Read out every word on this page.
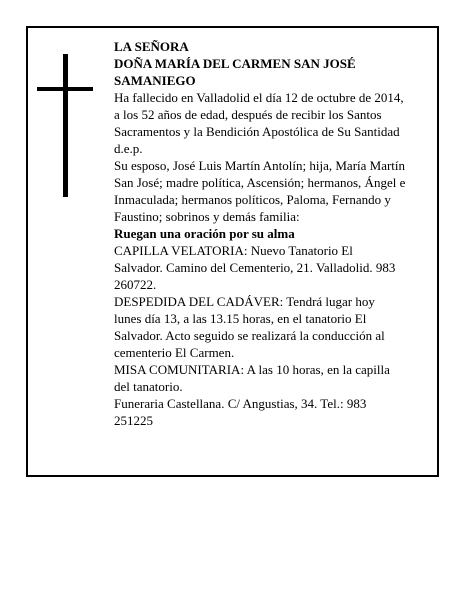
LA SEÑORA
DOÑA MARÍA DEL CARMEN SAN JOSÉ
SAMANIEGO
Ha fallecido en Valladolid el día 12 de octubre de 2014,
a los 52 años de edad, después de recibir los Santos
Sacramentos y la Bendición Apostólica de Su Santidad
d.e.p.
Su esposo, José Luis Martín Antolín; hija, María Martín
San José; madre política, Ascensión; hermanos, Ángel e
Inmaculada; hermanos políticos, Paloma, Fernando y
Faustino; sobrinos y demás familia:
Ruegan una oración por su alma
CAPILLA VELATORIA: Nuevo Tanatorio El
Salvador. Camino del Cementerio, 21. Valladolid. 983
260722.
DESPEDIDA DEL CADÁVER: Tendrá lugar hoy
lunes día 13, a las 13.15 horas, en el tanatorio El
Salvador. Acto seguido se realizará la conducción al
cementerio El Carmen.
MISA COMUNITARIA: A las 10 horas, en la capilla
del tanatorio.
Funeraria Castellana. C/ Angustias, 34. Tel.: 983
251225
